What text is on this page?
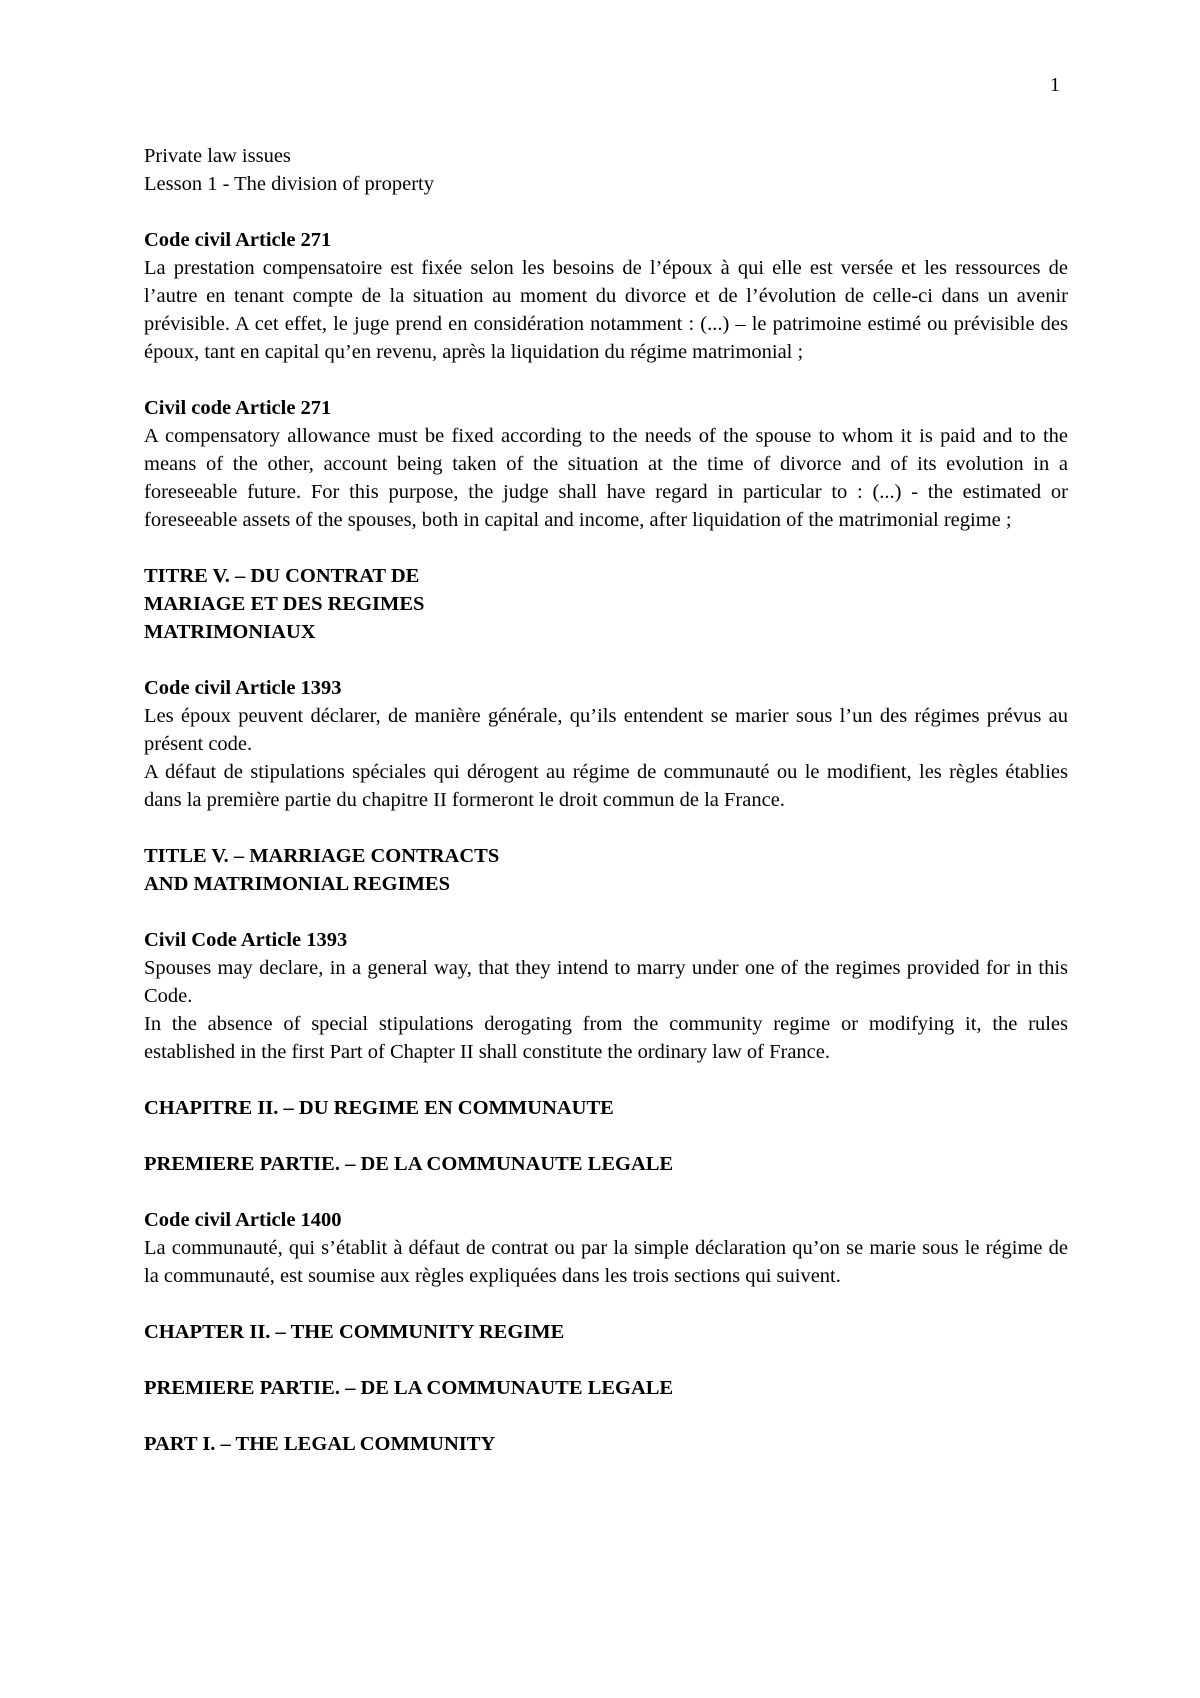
1
Private law issues
Lesson 1 - The division of property
Code civil Article 271

La prestation compensatoire est fixée selon les besoins de l’époux à qui elle est versée et les ressources de l’autre en tenant compte de la situation au moment du divorce et de l’évolution de celle-ci dans un avenir prévisible. A cet effet, le juge prend en considération notamment : (...) – le patrimoine estimé ou prévisible des époux, tant en capital qu’en revenu, après la liquidation du régime matrimonial ;

Civil code Article 271

A compensatory allowance must be fixed according to the needs of the spouse to whom it is paid and to the means of the other, account being taken of the situation at the time of divorce and of its evolution in a foreseeable future. For this purpose, the judge shall have regard in particular to : (...) - the estimated or foreseeable assets of the spouses, both in capital and income, after liquidation of the matrimonial regime ;

TITRE V. – DU CONTRAT DE
MARIAGE ET DES REGIMES
MATRIMONIAUX
Code civil Article 1393

Les époux peuvent déclarer, de manière générale, qu’ils entendent se marier sous l’un des régimes prévus au présent code.

A défaut de stipulations spéciales qui dérogent au régime de communauté ou le modifient, les règles établies dans la première partie du chapitre II formeront le droit commun de la France.

TITLE V. – MARRIAGE CONTRACTS
AND MATRIMONIAL REGIMES
Civil Code Article 1393

Spouses may declare, in a general way, that they intend to marry under one of the regimes provided for in this Code.

In the absence of special stipulations derogating from the community regime or modifying it, the rules established in the first Part of Chapter II shall constitute the ordinary law of France.

CHAPITRE II. – DU REGIME EN COMMUNAUTE
PREMIERE PARTIE. – DE LA COMMUNAUTE LEGALE
Code civil Article 1400

La communauté, qui s’établit à défaut de contrat ou par la simple déclaration qu’on se marie sous le régime de la communauté, est soumise aux règles expliquées dans les trois sections qui suivent.

CHAPTER II. – THE COMMUNITY REGIME
PREMIERE PARTIE. – DE LA COMMUNAUTE LEGALE
PART I. – THE LEGAL COMMUNITY
